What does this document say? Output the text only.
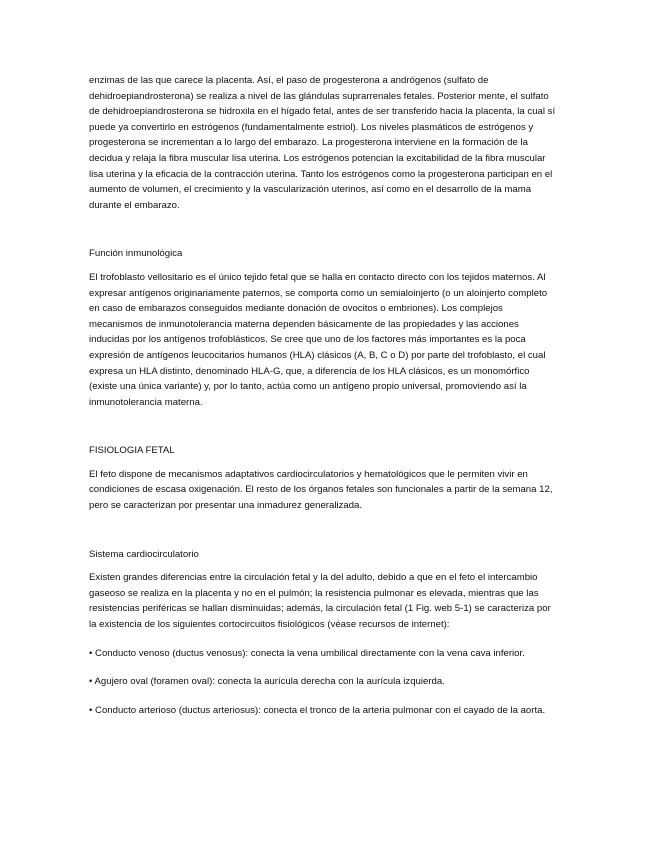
enzimas de las que carece la placenta. Así, el paso de progesterona a andrógenos (sulfato de dehidroepiandrosterona) se realiza a nivel de las glándulas suprarrenales fetales. Posterior mente, el sulfato de dehidroepiandrosterona se hidroxila en el hígado fetal, antes de ser transferido hacia la placenta, la cual sí puede ya convertirlo en estrógenos (fundamentalmente estriol). Los niveles plasmáticos de estrógenos y progesterona se incrementan a lo largo del embarazo. La progesterona interviene en la formación de la decidua y relaja la fibra muscular lisa uterina. Los estrógenos potencian la excitabilidad de la fibra muscular lisa uterina y la eficacia de la contracción uterina. Tanto los estrógenos como la progesterona participan en el aumento de volumen, el crecimiento y la vascularización uterinos, así como en el desarrollo de la mama durante el embarazo.

Función inmunológica

El trofoblasto vellositario es el único tejido fetal que se halla en contacto directo con los tejidos maternos. Al expresar antígenos originariamente paternos, se comporta como un semialoinjerto (o un aloinjerto completo en caso de embarazos conseguidos mediante donación de ovocitos o embriones). Los complejos mecanismos de inmunotolerancia materna dependen básicamente de las propiedades y las acciones inducidas por los antígenos trofoblásticos. Se cree que uno de los factores más importantes es la poca expresión de antígenos leucocitarios humanos (HLA) clásicos (A, B, C o D) por parte del trofoblasto, el cual expresa un HLA distinto, denominado HLA-G, que, a diferencia de los HLA clásicos, es un monomórfico (existe una única variante) y, por lo tanto, actúa como un antígeno propio universal, promoviendo así la inmunotolerancia materna.

FISIOLOGIA FETAL

El feto dispone de mecanismos adaptativos cardiocirculatorios y hematológicos que le permiten vivir en condiciones de escasa oxigenación. El resto de los órganos fetales son funcionales a partir de la semana 12, pero se caracterizan por presentar una inmadurez generalizada.

Sistema cardiocirculatorio

Existen grandes diferencias entre la circulación fetal y la del adulto, debido a que en el feto el intercambio gaseoso se realiza en la placenta y no en el pulmón; la resistencia pulmonar es elevada, mientras que las resistencias periféricas se hallan disminuidas; además, la circulación fetal (1 Fig. web 5-1) se caracteriza por la existencia de los siguientes cortocircuitos fisiológicos (véase recursos de internet):

• Conducto venoso (ductus venosus): conecta la vena umbilical directamente con la vena cava inferior.

• Agujero oval (foramen oval): conecta la aurícula derecha con la aurícula izquierda.

• Conducto arterioso (ductus arteriosus): conecta el tronco de la arteria pulmonar con el cayado de la aorta.
